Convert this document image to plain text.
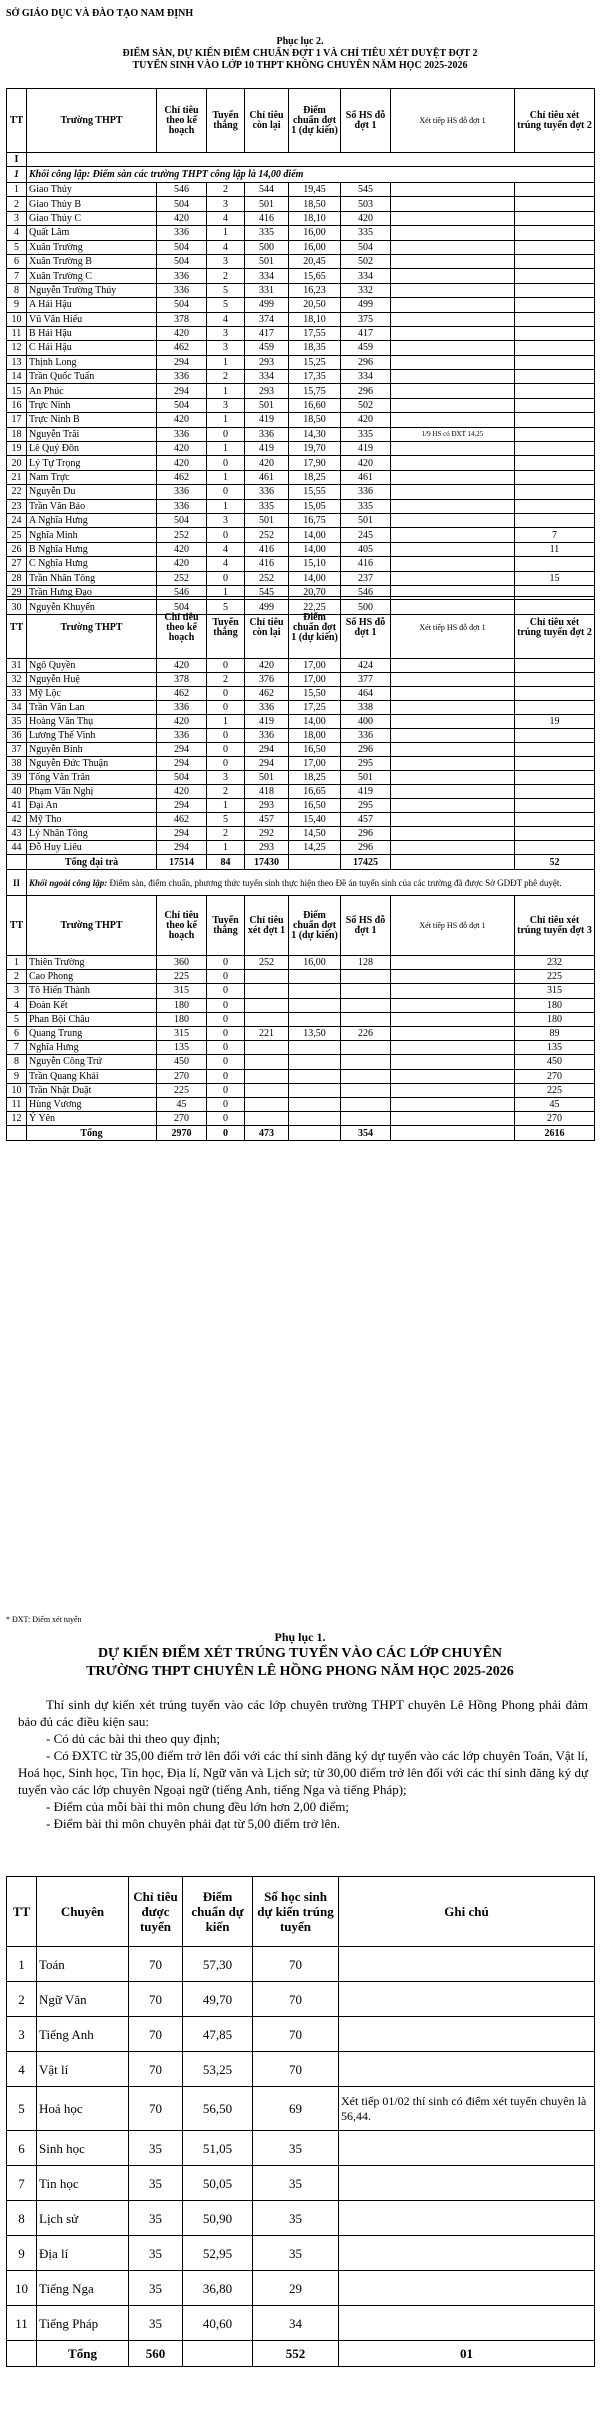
SỞ GIÁO DỤC VÀ ĐÀO TẠO NAM ĐỊNH
Phục lục 2.
ĐIỂM SÀN, DỰ KIẾN ĐIỂM CHUẨN ĐỢT 1 VÀ CHỈ TIÊU XÉT DUYỆT ĐỢT 2
TUYỂN SINH VÀO LỚP 10 THPT KHÔNG CHUYÊN NĂM HỌC 2025-2026
TT	Trường THPT	Chỉ tiêu theo kế hoạch	Tuyển thẳng	Chỉ tiêu còn lại	Điểm chuẩn đợt 1 (dự kiến)	Số HS đỗ đợt 1	Xét tiếp HS đỗ đợt 1	Chỉ tiêu xét trúng tuyển đợt 2
I								
1	Khối công lập: Điểm sàn các trường THPT công lập là 14,00 điểm							
1	Giao Thủy	546	2	544	19,45	545		
2	Giao Thủy B	504	3	501	18,50	503		
3	Giao Thủy C	420	4	416	18,10	420		
4	Quất Lâm	336	1	335	16,00	335		
5	Xuân Trường	504	4	500	16,00	504		
6	Xuân Trường B	504	3	501	20,45	502		
7	Xuân Trường C	336	2	334	15,65	334		
8	Nguyễn Trường Thúy	336	5	331	16,23	332		
9	A Hải Hậu	504	5	499	20,50	499		
10	Vũ Văn Hiếu	378	4	374	18,10	375		
11	B Hải Hậu	420	3	417	17,55	417		
12	C Hải Hậu	462	3	459	18,35	459		
13	Thịnh Long	294	1	293	15,25	296		
14	Trần Quốc Tuấn	336	2	334	17,35	334		
15	An Phúc	294	1	293	15,75	296		
16	Trực Ninh	504	3	501	16,60	502		
17	Trực Ninh B	420	1	419	18,50	420		
18	Nguyễn Trãi	336	0	336	14,30	335	1/9 HS có ĐXT 14,25	
19	Lê Quý Đôn	420	1	419	19,70	419		
20	Lý Tự Trọng	420	0	420	17,90	420		
21	Nam Trực	462	1	461	18,25	461		
22	Nguyễn Du	336	0	336	15,55	336		
23	Trần Văn Bảo	336	1	335	15,05	335		
24	A Nghĩa Hưng	504	3	501	16,75	501		
25	Nghĩa Minh	252	0	252	14,00	245		7
26	B Nghĩa Hưng	420	4	416	14,00	405		11
27	C Nghĩa Hưng	420	4	416	15,10	416		
28	Trần Nhân Tông	252	0	252	14,00	237		15
29	Trần Hưng Đạo	546	1	545	20,70	546		
30	Nguyễn Khuyến	504	5	499	22,25	500		
TT	Trường THPT	Chỉ tiêu theo kế hoạch	Tuyển thẳng	Chỉ tiêu còn lại	Điểm chuẩn đợt 1 (dự kiến)	Số HS đỗ đợt 1	Xét tiếp HS đỗ đợt 1	Chỉ tiêu xét trúng tuyển đợt 2
31	Ngô Quyền	420	0	420	17,00	424		
32	Nguyễn Huệ	378	2	376	17,00	377		
33	Mỹ Lộc	462	0	462	15,50	464		
34	Trần Văn Lan	336	0	336	17,25	338		
35	Hoàng Văn Thụ	420	1	419	14,00	400		19
36	Lương Thế Vinh	336	0	336	18,00	336		
37	Nguyễn Bính	294	0	294	16,50	296		
38	Nguyễn Đức Thuận	294	0	294	17,00	295		
39	Tống Văn Trân	504	3	501	18,25	501		
40	Phạm Văn Nghị	420	2	418	16,65	419		
41	Đại An	294	1	293	16,50	295		
42	Mỹ Tho	462	5	457	15,40	457		
43	Lý Nhân Tông	294	2	292	14,50	296		
44	Đỗ Huy Liêu	294	1	293	14,25	296		
	Tổng đại trà	17514	84	17430		17425		52
II	Khối ngoài công lập: Điểm sàn, điểm chuẩn, phương thức tuyển sinh thực hiện theo Đề án tuyển sinh của các trường đã được Sở GDĐT phê duyệt.							
TT	Trường THPT	Chỉ tiêu theo kế hoạch	Tuyển thẳng	Chỉ tiêu xét đợt 1	Điểm chuẩn đợt 1 (dự kiến)	Số HS đỗ đợt 1	Xét tiếp HS đỗ đợt 1	Chỉ tiêu xét trúng tuyển đợt 3
1	Thiên Trường	360	0	252	16,00	128		232
2	Cao Phong	225	0					225
3	Tô Hiến Thành	315	0					315
4	Đoàn Kết	180	0					180
5	Phan Bội Châu	180	0					180
6	Quang Trung	315	0	221	13,50	226		89
7	Nghĩa Hưng	135	0					135
8	Nguyễn Công Trứ	450	0					450
9	Trần Quang Khải	270	0					270
10	Trần Nhật Duật	225	0					225
11	Hùng Vương	45	0					45
12	Ý Yên	270	0					270
	Tổng	2970	0	473		354		2616
* ĐXT: Điểm xét tuyển
Phụ lục 1.
DỰ KIẾN ĐIỂM XÉT TRÚNG TUYỂN VÀO CÁC LỚP CHUYÊN
TRƯỜNG THPT CHUYÊN LÊ HỒNG PHONG NĂM HỌC 2025-2026

Thí sinh dự kiến xét trúng tuyển vào các lớp chuyên trường THPT chuyên Lê Hồng Phong phải đảm bảo đủ các điều kiện sau:

- Có dủ các bài thi theo quy định;

- Có ĐXTC từ 35,00 điểm trở lên đối với các thí sinh đăng ký dự tuyển vào các lớp chuyên Toán, Vật lí, Hoá học, Sinh học, Tin học, Địa lí, Ngữ văn và Lịch sử; từ 30,00 điểm trở lên đối với các thí sinh đăng ký dự tuyển vào các lớp chuyên Ngoại ngữ (tiếng Anh, tiếng Nga và tiếng Pháp);

- Điểm của mỗi bài thi môn chung đều lớn hơn 2,00 điểm;

- Điểm bài thi môn chuyên phải đạt từ 5,00 điểm trở lên.

TT	Chuyên	Chỉ tiêu được tuyển	Điểm chuẩn dự kiến	Số học sinh dự kiến trúng tuyển	Ghi chú
1	Toán	70	57,30	70	
2	Ngữ Văn	70	49,70	70	
3	Tiếng Anh	70	47,85	70	
4	Vật lí	70	53,25	70	
5	Hoá học	70	56,50	69	Xét tiếp 01/02 thí sinh có điểm xét tuyển chuyên là 56,44.
6	Sinh học	35	51,05	35	
7	Tin học	35	50,05	35	
8	Lịch sử	35	50,90	35	
9	Địa lí	35	52,95	35	
10	Tiếng Nga	35	36,80	29	
11	Tiếng Pháp	35	40,60	34	
	Tổng	560		552	01
